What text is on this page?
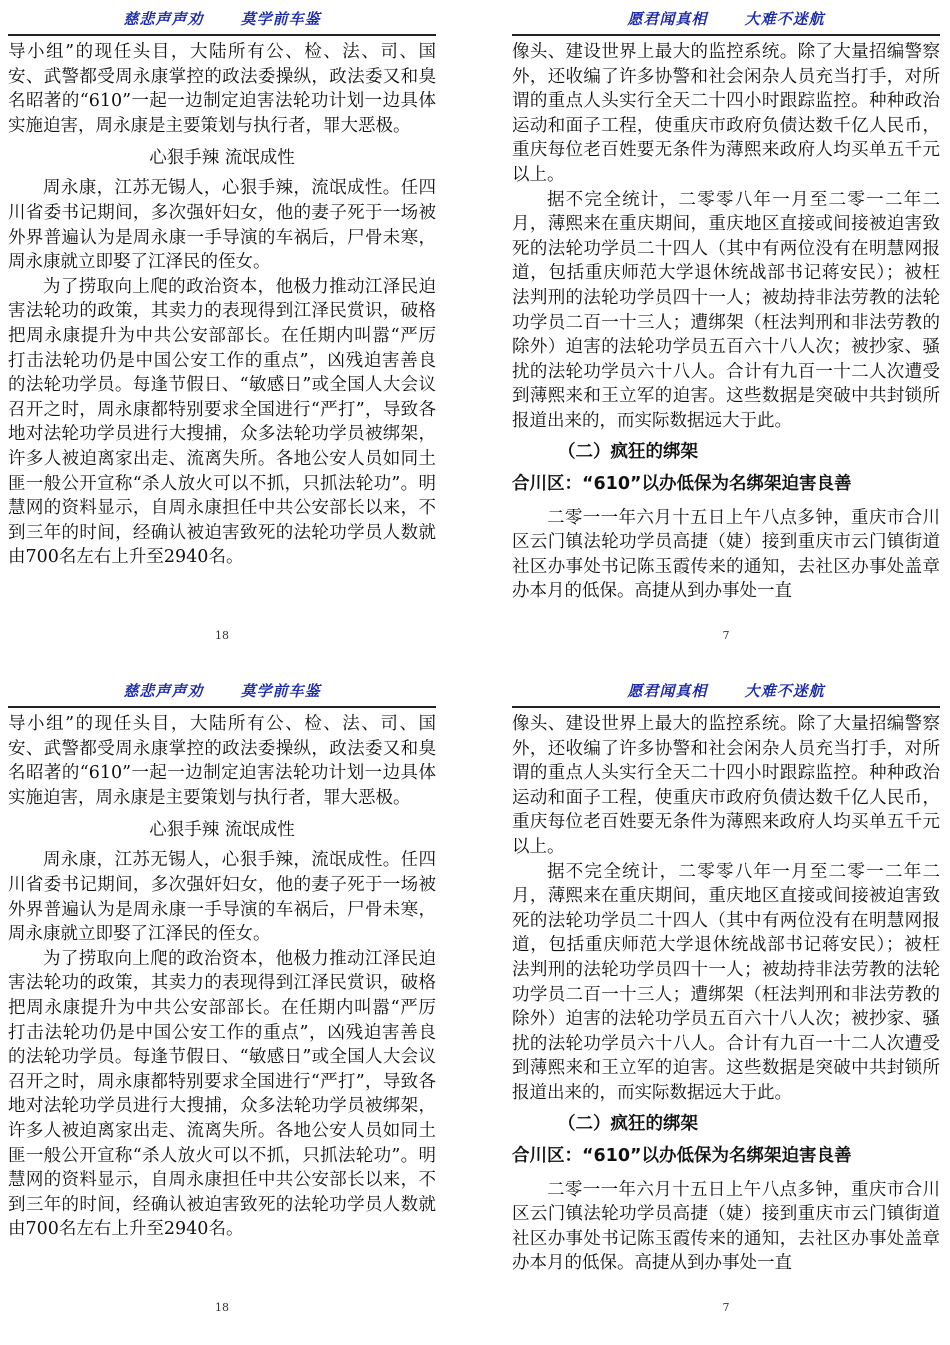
慈悲声声劝      莫学前车鉴

导小组”的现任头目，大陆所有公、检、法、司、国安、武警都受周永康掌控的政法委操纵，政法委又和臭名昭著的“610”一起一边制定迫害法轮功计划一边具体实施迫害，周永康是主要策划与执行者，罪大恶极。

心狠手辣 流氓成性

周永康，江苏无锡人，心狠手辣，流氓成性。任四川省委书记期间，多次强奸妇女，他的妻子死于一场被外界普遍认为是周永康一手导演的车祸后，尸骨未寒，周永康就立即娶了江泽民的侄女。

为了捞取向上爬的政治资本，他极力推动江泽民迫害法轮功的政策，其卖力的表现得到江泽民赏识，破格把周永康提升为中共公安部部长。在任期内叫嚣“严厉打击法轮功仍是中国公安工作的重点”，凶残迫害善良的法轮功学员。每逢节假日、“敏感日”或全国人大会议召开之时，周永康都特别要求全国进行“严打”，导致各地对法轮功学员进行大搜捕，众多法轮功学员被绑架，许多人被迫离家出走、流离失所。各地公安人员如同土匪一般公开宣称“杀人放火可以不抓，只抓法轮功”。明慧网的资料显示，自周永康担任中共公安部长以来，不到三年的时间，经确认被迫害致死的法轮功学员人数就由700名左右上升至2940名。

18
愿君闻真相      大难不迷航

像头、建设世界上最大的监控系统。除了大量招编警察外，还收编了许多协警和社会闲杂人员充当打手，对所谓的重点人头实行全天二十四小时跟踪监控。种种政治运动和面子工程，使重庆市政府负债达数千亿人民币，重庆每位老百姓要无条件为薄熙来政府人均买单五千元以上。

据不完全统计，二零零八年一月至二零一二年二月，薄熙来在重庆期间，重庆地区直接或间接被迫害致死的法轮功学员二十四人（其中有两位没有在明慧网报道，包括重庆师范大学退休统战部书记蒋安民）；被枉法判刑的法轮功学员四十一人；被劫持非法劳教的法轮功学员二百一十三人；遭绑架（枉法判刑和非法劳教的除外）迫害的法轮功学员五百六十八人次；被抄家、骚扰的法轮功学员六十八人。合计有九百一十二人次遭受到薄熙来和王立军的迫害。这些数据是突破中共封锁所报道出来的，而实际数据远大于此。

（二）疯狂的绑架
合川区：“610”以办低保为名绑架迫害良善

二零一一年六月十五日上午八点多钟，重庆市合川区云门镇法轮功学员高捷（婕）接到重庆市云门镇街道社区办事处书记陈玉霞传来的通知，去社区办事处盖章办本月的低保。高捷从到办事处一直

7
慈悲声声劝      莫学前车鉴

导小组”的现任头目，大陆所有公、检、法、司、国安、武警都受周永康掌控的政法委操纵，政法委又和臭名昭著的“610”一起一边制定迫害法轮功计划一边具体实施迫害，周永康是主要策划与执行者，罪大恶极。

心狠手辣 流氓成性

周永康，江苏无锡人，心狠手辣，流氓成性。任四川省委书记期间，多次强奸妇女，他的妻子死于一场被外界普遍认为是周永康一手导演的车祸后，尸骨未寒，周永康就立即娶了江泽民的侄女。

为了捞取向上爬的政治资本，他极力推动江泽民迫害法轮功的政策，其卖力的表现得到江泽民赏识，破格把周永康提升为中共公安部部长。在任期内叫嚣“严厉打击法轮功仍是中国公安工作的重点”，凶残迫害善良的法轮功学员。每逢节假日、“敏感日”或全国人大会议召开之时，周永康都特别要求全国进行“严打”，导致各地对法轮功学员进行大搜捕，众多法轮功学员被绑架，许多人被迫离家出走、流离失所。各地公安人员如同土匪一般公开宣称“杀人放火可以不抓，只抓法轮功”。明慧网的资料显示，自周永康担任中共公安部长以来，不到三年的时间，经确认被迫害致死的法轮功学员人数就由700名左右上升至2940名。

18
愿君闻真相      大难不迷航

像头、建设世界上最大的监控系统。除了大量招编警察外，还收编了许多协警和社会闲杂人员充当打手，对所谓的重点人头实行全天二十四小时跟踪监控。种种政治运动和面子工程，使重庆市政府负债达数千亿人民币，重庆每位老百姓要无条件为薄熙来政府人均买单五千元以上。

据不完全统计，二零零八年一月至二零一二年二月，薄熙来在重庆期间，重庆地区直接或间接被迫害致死的法轮功学员二十四人（其中有两位没有在明慧网报道，包括重庆师范大学退休统战部书记蒋安民）；被枉法判刑的法轮功学员四十一人；被劫持非法劳教的法轮功学员二百一十三人；遭绑架（枉法判刑和非法劳教的除外）迫害的法轮功学员五百六十八人次；被抄家、骚扰的法轮功学员六十八人。合计有九百一十二人次遭受到薄熙来和王立军的迫害。这些数据是突破中共封锁所报道出来的，而实际数据远大于此。

（二）疯狂的绑架
合川区：“610”以办低保为名绑架迫害良善

二零一一年六月十五日上午八点多钟，重庆市合川区云门镇法轮功学员高捷（婕）接到重庆市云门镇街道社区办事处书记陈玉霞传来的通知，去社区办事处盖章办本月的低保。高捷从到办事处一直

7
